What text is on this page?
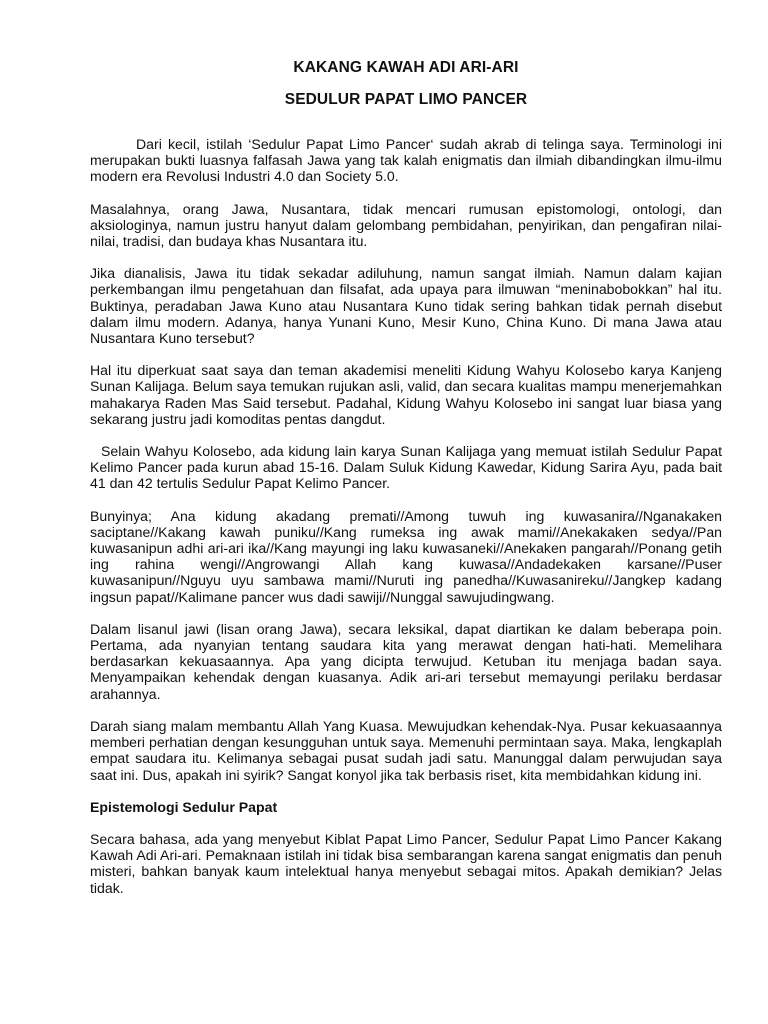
KAKANG KAWAH ADI ARI-ARI
SEDULUR PAPAT LIMO PANCER

Dari kecil, istilah ‘Sedulur Papat Limo Pancer‘ sudah akrab di telinga saya. Terminologi ini merupakan bukti luasnya falfasah Jawa yang tak kalah enigmatis dan ilmiah dibandingkan ilmu-ilmu modern era Revolusi Industri 4.0 dan Society 5.0.

Masalahnya, orang Jawa, Nusantara, tidak mencari rumusan epistomologi, ontologi, dan aksiologinya, namun justru hanyut dalam gelombang pembidahan, penyirikan, dan pengafiran nilai-nilai, tradisi, dan budaya khas Nusantara itu.

Jika dianalisis, Jawa itu tidak sekadar adiluhung, namun sangat ilmiah. Namun dalam kajian perkembangan ilmu pengetahuan dan filsafat, ada upaya para ilmuwan “meninabobokkan” hal itu. Buktinya, peradaban Jawa Kuno atau Nusantara Kuno tidak sering bahkan tidak pernah disebut dalam ilmu modern. Adanya, hanya Yunani Kuno, Mesir Kuno, China Kuno. Di mana Jawa atau Nusantara Kuno tersebut?

Hal itu diperkuat saat saya dan teman akademisi meneliti Kidung Wahyu Kolosebo karya Kanjeng Sunan Kalijaga. Belum saya temukan rujukan asli, valid, dan secara kualitas mampu menerjemahkan mahakarya Raden Mas Said tersebut. Padahal, Kidung Wahyu Kolosebo ini sangat luar biasa yang sekarang justru jadi komoditas pentas dangdut.

Selain Wahyu Kolosebo, ada kidung lain karya Sunan Kalijaga yang memuat istilah Sedulur Papat Kelimo Pancer pada kurun abad 15-16. Dalam Suluk Kidung Kawedar, Kidung Sarira Ayu, pada bait 41 dan 42 tertulis Sedulur Papat Kelimo Pancer.

Bunyinya; Ana kidung akadang premati//Among tuwuh ing kuwasanira//Nganakaken saciptane//Kakang kawah puniku//Kang rumeksa ing awak mami//Anekakaken sedya//Pan kuwasanipun adhi ari-ari ika//Kang mayungi ing laku kuwasaneki//Anekaken pangarah//Ponang getih ing rahina wengi//Angrowangi Allah kang kuwasa//Andadekaken karsane//Puser kuwasanipun//Nguyu uyu sambawa mami//Nuruti ing panedha//Kuwasanireku//Jangkep kadang ingsun papat//Kalimane pancer wus dadi sawiji//Nunggal sawujudingwang.

Dalam lisanul jawi (lisan orang Jawa), secara leksikal, dapat diartikan ke dalam beberapa poin. Pertama, ada nyanyian tentang saudara kita yang merawat dengan hati-hati. Memelihara berdasarkan kekuasaannya. Apa yang dicipta terwujud. Ketuban itu menjaga badan saya. Menyampaikan kehendak dengan kuasanya. Adik ari-ari tersebut memayungi perilaku berdasar arahannya.

Darah siang malam membantu Allah Yang Kuasa. Mewujudkan kehendak-Nya. Pusar kekuasaannya memberi perhatian dengan kesungguhan untuk saya. Memenuhi permintaan saya. Maka, lengkaplah empat saudara itu. Kelimanya sebagai pusat sudah jadi satu. Manunggal dalam perwujudan saya saat ini. Dus, apakah ini syirik? Sangat konyol jika tak berbasis riset, kita membidahkan kidung ini.

Epistemologi Sedulur Papat

Secara bahasa, ada yang menyebut Kiblat Papat Limo Pancer, Sedulur Papat Limo Pancer Kakang Kawah Adi Ari-ari. Pemaknaan istilah ini tidak bisa sembarangan karena sangat enigmatis dan penuh misteri, bahkan banyak kaum intelektual hanya menyebut sebagai mitos. Apakah demikian? Jelas tidak.
